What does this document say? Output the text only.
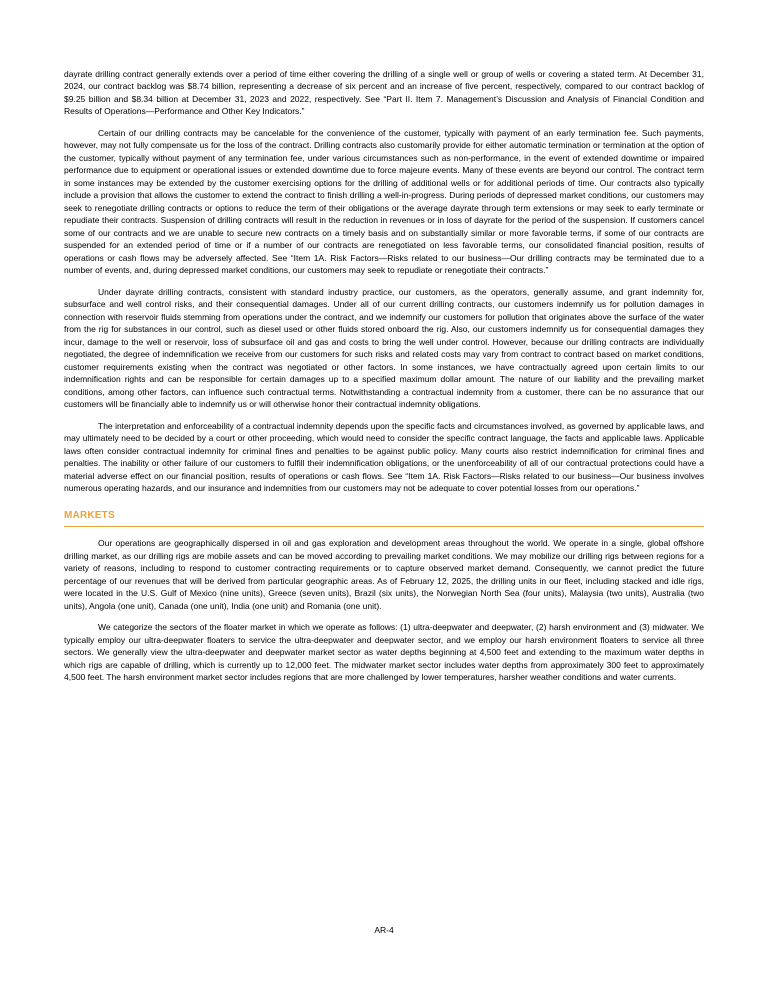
dayrate drilling contract generally extends over a period of time either covering the drilling of a single well or group of wells or covering a stated term. At December 31, 2024, our contract backlog was $8.74 billion, representing a decrease of six percent and an increase of five percent, respectively, compared to our contract backlog of $9.25 billion and $8.34 billion at December 31, 2023 and 2022, respectively. See “Part II. Item 7. Management’s Discussion and Analysis of Financial Condition and Results of Operations—Performance and Other Key Indicators.”

Certain of our drilling contracts may be cancelable for the convenience of the customer, typically with payment of an early termination fee. Such payments, however, may not fully compensate us for the loss of the contract. Drilling contracts also customarily provide for either automatic termination or termination at the option of the customer, typically without payment of any termination fee, under various circumstances such as non-performance, in the event of extended downtime or impaired performance due to equipment or operational issues or extended downtime due to force majeure events. Many of these events are beyond our control. The contract term in some instances may be extended by the customer exercising options for the drilling of additional wells or for additional periods of time. Our contracts also typically include a provision that allows the customer to extend the contract to finish drilling a well-in-progress. During periods of depressed market conditions, our customers may seek to renegotiate drilling contracts or options to reduce the term of their obligations or the average dayrate through term extensions or may seek to early terminate or repudiate their contracts. Suspension of drilling contracts will result in the reduction in revenues or in loss of dayrate for the period of the suspension. If customers cancel some of our contracts and we are unable to secure new contracts on a timely basis and on substantially similar or more favorable terms, if some of our contracts are suspended for an extended period of time or if a number of our contracts are renegotiated on less favorable terms, our consolidated financial position, results of operations or cash flows may be adversely affected. See “Item 1A. Risk Factors—Risks related to our business—Our drilling contracts may be terminated due to a number of events, and, during depressed market conditions, our customers may seek to repudiate or renegotiate their contracts.”

Under dayrate drilling contracts, consistent with standard industry practice, our customers, as the operators, generally assume, and grant indemnity for, subsurface and well control risks, and their consequential damages. Under all of our current drilling contracts, our customers indemnify us for pollution damages in connection with reservoir fluids stemming from operations under the contract, and we indemnify our customers for pollution that originates above the surface of the water from the rig for substances in our control, such as diesel used or other fluids stored onboard the rig. Also, our customers indemnify us for consequential damages they incur, damage to the well or reservoir, loss of subsurface oil and gas and costs to bring the well under control. However, because our drilling contracts are individually negotiated, the degree of indemnification we receive from our customers for such risks and related costs may vary from contract to contract based on market conditions, customer requirements existing when the contract was negotiated or other factors. In some instances, we have contractually agreed upon certain limits to our indemnification rights and can be responsible for certain damages up to a specified maximum dollar amount. The nature of our liability and the prevailing market conditions, among other factors, can influence such contractual terms. Notwithstanding a contractual indemnity from a customer, there can be no assurance that our customers will be financially able to indemnify us or will otherwise honor their contractual indemnity obligations.

The interpretation and enforceability of a contractual indemnity depends upon the specific facts and circumstances involved, as governed by applicable laws, and may ultimately need to be decided by a court or other proceeding, which would need to consider the specific contract language, the facts and applicable laws. Applicable laws often consider contractual indemnity for criminal fines and penalties to be against public policy. Many courts also restrict indemnification for criminal fines and penalties. The inability or other failure of our customers to fulfill their indemnification obligations, or the unenforceability of all of our contractual protections could have a material adverse effect on our financial position, results of operations or cash flows. See “Item 1A. Risk Factors—Risks related to our business—Our business involves numerous operating hazards, and our insurance and indemnities from our customers may not be adequate to cover potential losses from our operations.”

MARKETS

Our operations are geographically dispersed in oil and gas exploration and development areas throughout the world. We operate in a single, global offshore drilling market, as our drilling rigs are mobile assets and can be moved according to prevailing market conditions. We may mobilize our drilling rigs between regions for a variety of reasons, including to respond to customer contracting requirements or to capture observed market demand. Consequently, we cannot predict the future percentage of our revenues that will be derived from particular geographic areas. As of February 12, 2025, the drilling units in our fleet, including stacked and idle rigs, were located in the U.S. Gulf of Mexico (nine units), Greece (seven units), Brazil (six units), the Norwegian North Sea (four units), Malaysia (two units), Australia (two units), Angola (one unit), Canada (one unit), India (one unit) and Romania (one unit).

We categorize the sectors of the floater market in which we operate as follows: (1) ultra-deepwater and deepwater, (2) harsh environment and (3) midwater. We typically employ our ultra-deepwater floaters to service the ultra-deepwater and deepwater sector, and we employ our harsh environment floaters to service all three sectors. We generally view the ultra-deepwater and deepwater market sector as water depths beginning at 4,500 feet and extending to the maximum water depths in which rigs are capable of drilling, which is currently up to 12,000 feet. The midwater market sector includes water depths from approximately 300 feet to approximately 4,500 feet. The harsh environment market sector includes regions that are more challenged by lower temperatures, harsher weather conditions and water currents.

AR-4
